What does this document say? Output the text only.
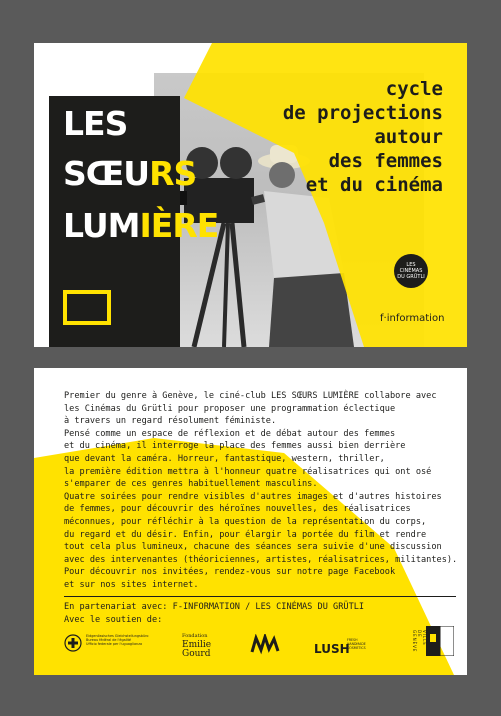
LES
SŒURS
LUMIÈRE
cycle
de projections
autour
des femmes
et du cinéma
LES
CINÉMAS
DU GRÜTLI
f·information

Premier du genre à Genève, le ciné-club LES SŒURS LUMIÈRE collabore avec

les Cinémas du Grütli pour proposer une programmation éclectique

à travers un regard résolument féministe.

Pensé comme un espace de réflexion et de débat autour des femmes

et du cinéma, il interroge la place des femmes aussi bien derrière

que devant la caméra. Horreur, fantastique, western, thriller,

la première édition mettra à l'honneur quatre réalisatrices qui ont osé

s'emparer de ces genres habituellement masculins.

Quatre soirées pour rendre visibles d'autres images et d'autres histoires

de femmes, pour découvrir des héroïnes nouvelles, des réalisatrices

méconnues, pour réfléchir à la question de la représentation du corps,

du regard et du désir. Enfin, pour élargir la portée du film et rendre

tout cela plus lumineux, chacune des séances sera suivie d'une discussion

avec des intervenantes (théoriciennes, artistes, réalisatrices, militantes).

Pour découvrir nos invitées, rendez-vous sur notre page Facebook

et sur nos sites internet.

En partenariat avec: F-INFORMATION / LES CINÉMAS DU GRÜTLI
Avec le soutien de:
Eidgenössisches Gleichstellungsbüro
Bureau fédéral de l'égalité
Ufficio federale per l'uguaglianza
Fondation
Emilie
Gourd	LUSH
FRESH HANDMADE COSMETICS
VILLE DE GENÈVE
